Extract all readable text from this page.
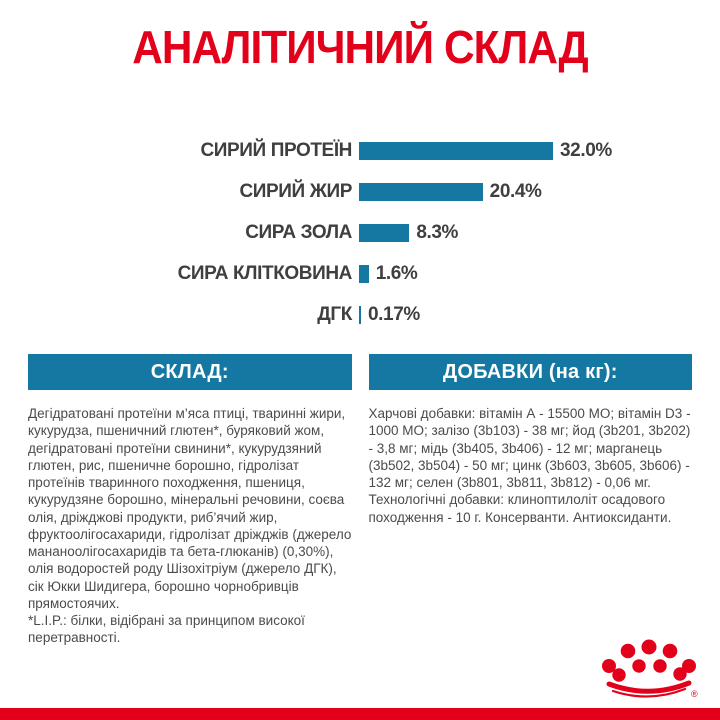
АНАЛІТИЧНИЙ СКЛАД
СИРИЙ ПРОТЕЇН	32.0%
СИРИЙ ЖИР	20.4%
СИРА ЗОЛА	8.3%
СИРА КЛІТКОВИНА 1.6%
ДГК 0.17%
СКЛАД:
Дегідратовані протеїни м’яса птиці, тваринні жири, кукурудза, пшеничний глютен*, буряковий жом, дегідратовані протеїни свинини*, кукурудзяний глютен, рис, пшеничне борошно, гідролізат протеїнів тваринного походження, пшениця, кукурудзяне борошно, мінеральні речовини, соєва олія, дріжджові продукти, риб’ячий жир, фруктоолігосахариди, гідролізат дріжджів (джерело мананоолігосахаридів та бета-глюканів) (0,30%), олія водоростей роду Шізохітріум (джерело ДГК), сік Юкки Шидигера, борошно чорнобривців прямостоячих.
*L.I.P.: білки, відібрані за принципом високої перетравності.
ДОБАВКИ (на кг):
Харчові добавки: вітамін А - 15500 МО; вітамін D3 - 1000 МО; залізо (3b103) - 38 мг; йод (3b201, 3b202) - 3,8 мг; мідь (3b405, 3b406) - 12 мг; марганець (3b502, 3b504) - 50 мг; цинк (3b603, 3b605, 3b606) - 132 мг; селен (3b801, 3b811, 3b812) - 0,06 мг. Технологічні добавки: клиноптилоліт осадового походження - 10 г. Консерванти. Антиоксиданти.
®
